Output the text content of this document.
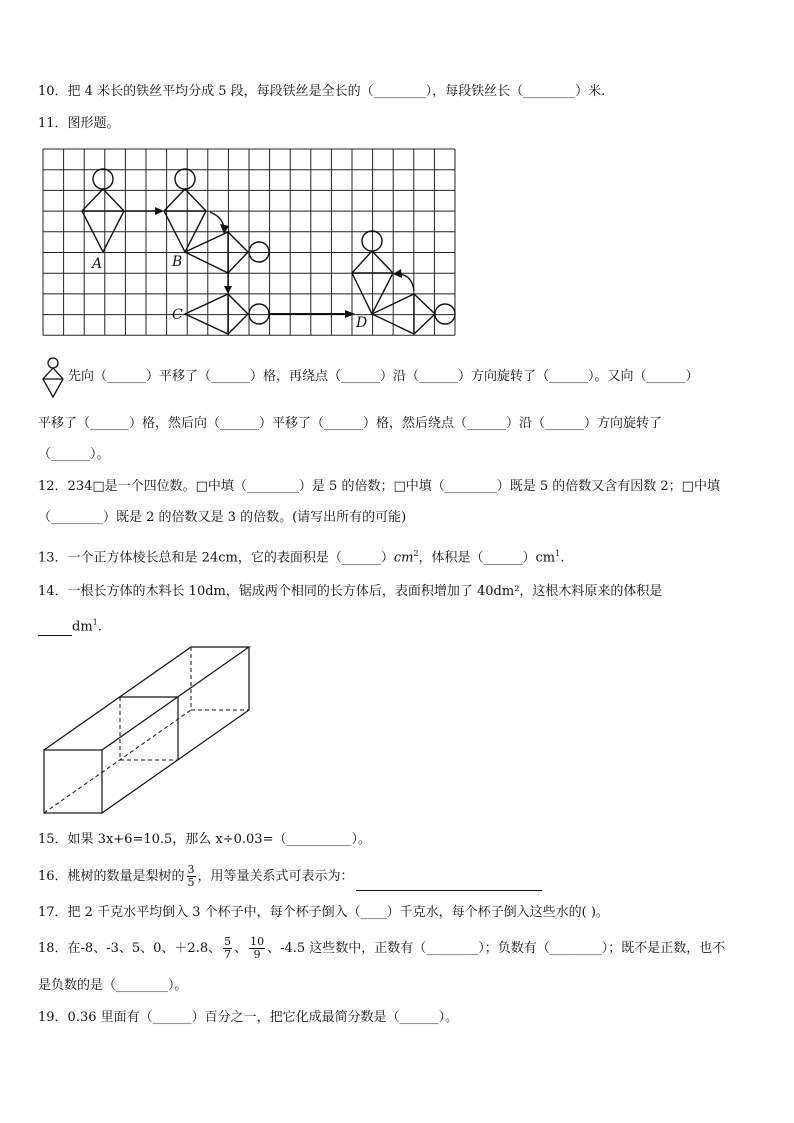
10．把 4 米长的铁丝平均分成 5 段，每段铁丝是全长的（________），每段铁丝长（________）米.
11．图形题。
A	B
C	D
先向（______）平移了（______）格，再绕点（______）沿（______）方向旋转了（______）。又向（______）
平移了（______）格，然后向（______）平移了（______）格，然后绕点（______）沿（______）方向旋转了
（______）。
12．234□是一个四位数。□中填（________）是 5 的倍数；□中填（________）既是 5 的倍数又含有因数 2；□中填
（________）既是 2 的倍数又是 3 的倍数。(请写出所有的可能)
13．一个正方体棱长总和是 24cm，它的表面积是$(\_\_\_\_\_\_)cm^2$，体积是$(\_\_\_\_\_\_)cm^1$.
14．一根长方体的木料长 10dm，锯成两个相同的长方体后，表面积增加了 40dm²，这根木料原来的体积是
$dm^1$.
15．如果 3x+6=10.5，那么 x÷0.03=（__________）。
16．桃树的数量是梨树的 $\frac{3}{5}$ ，用等量关系式可表示为：
17．把 2 千克水平均倒入 3 个杯子中，每个杯子倒入（____）千克水，每个杯子倒入这些水的( )。
18．在-8、-3、5、0、＋2.8、 $\frac{5}{7}$ 、 $\frac{10}{9}$ 、-4.5 这些数中，正数有（________）；负数有（________）；既不是正数，也不
是负数的是（________）。
19．0.36 里面有（______）百分之一，把它化成最简分数是（______）。
